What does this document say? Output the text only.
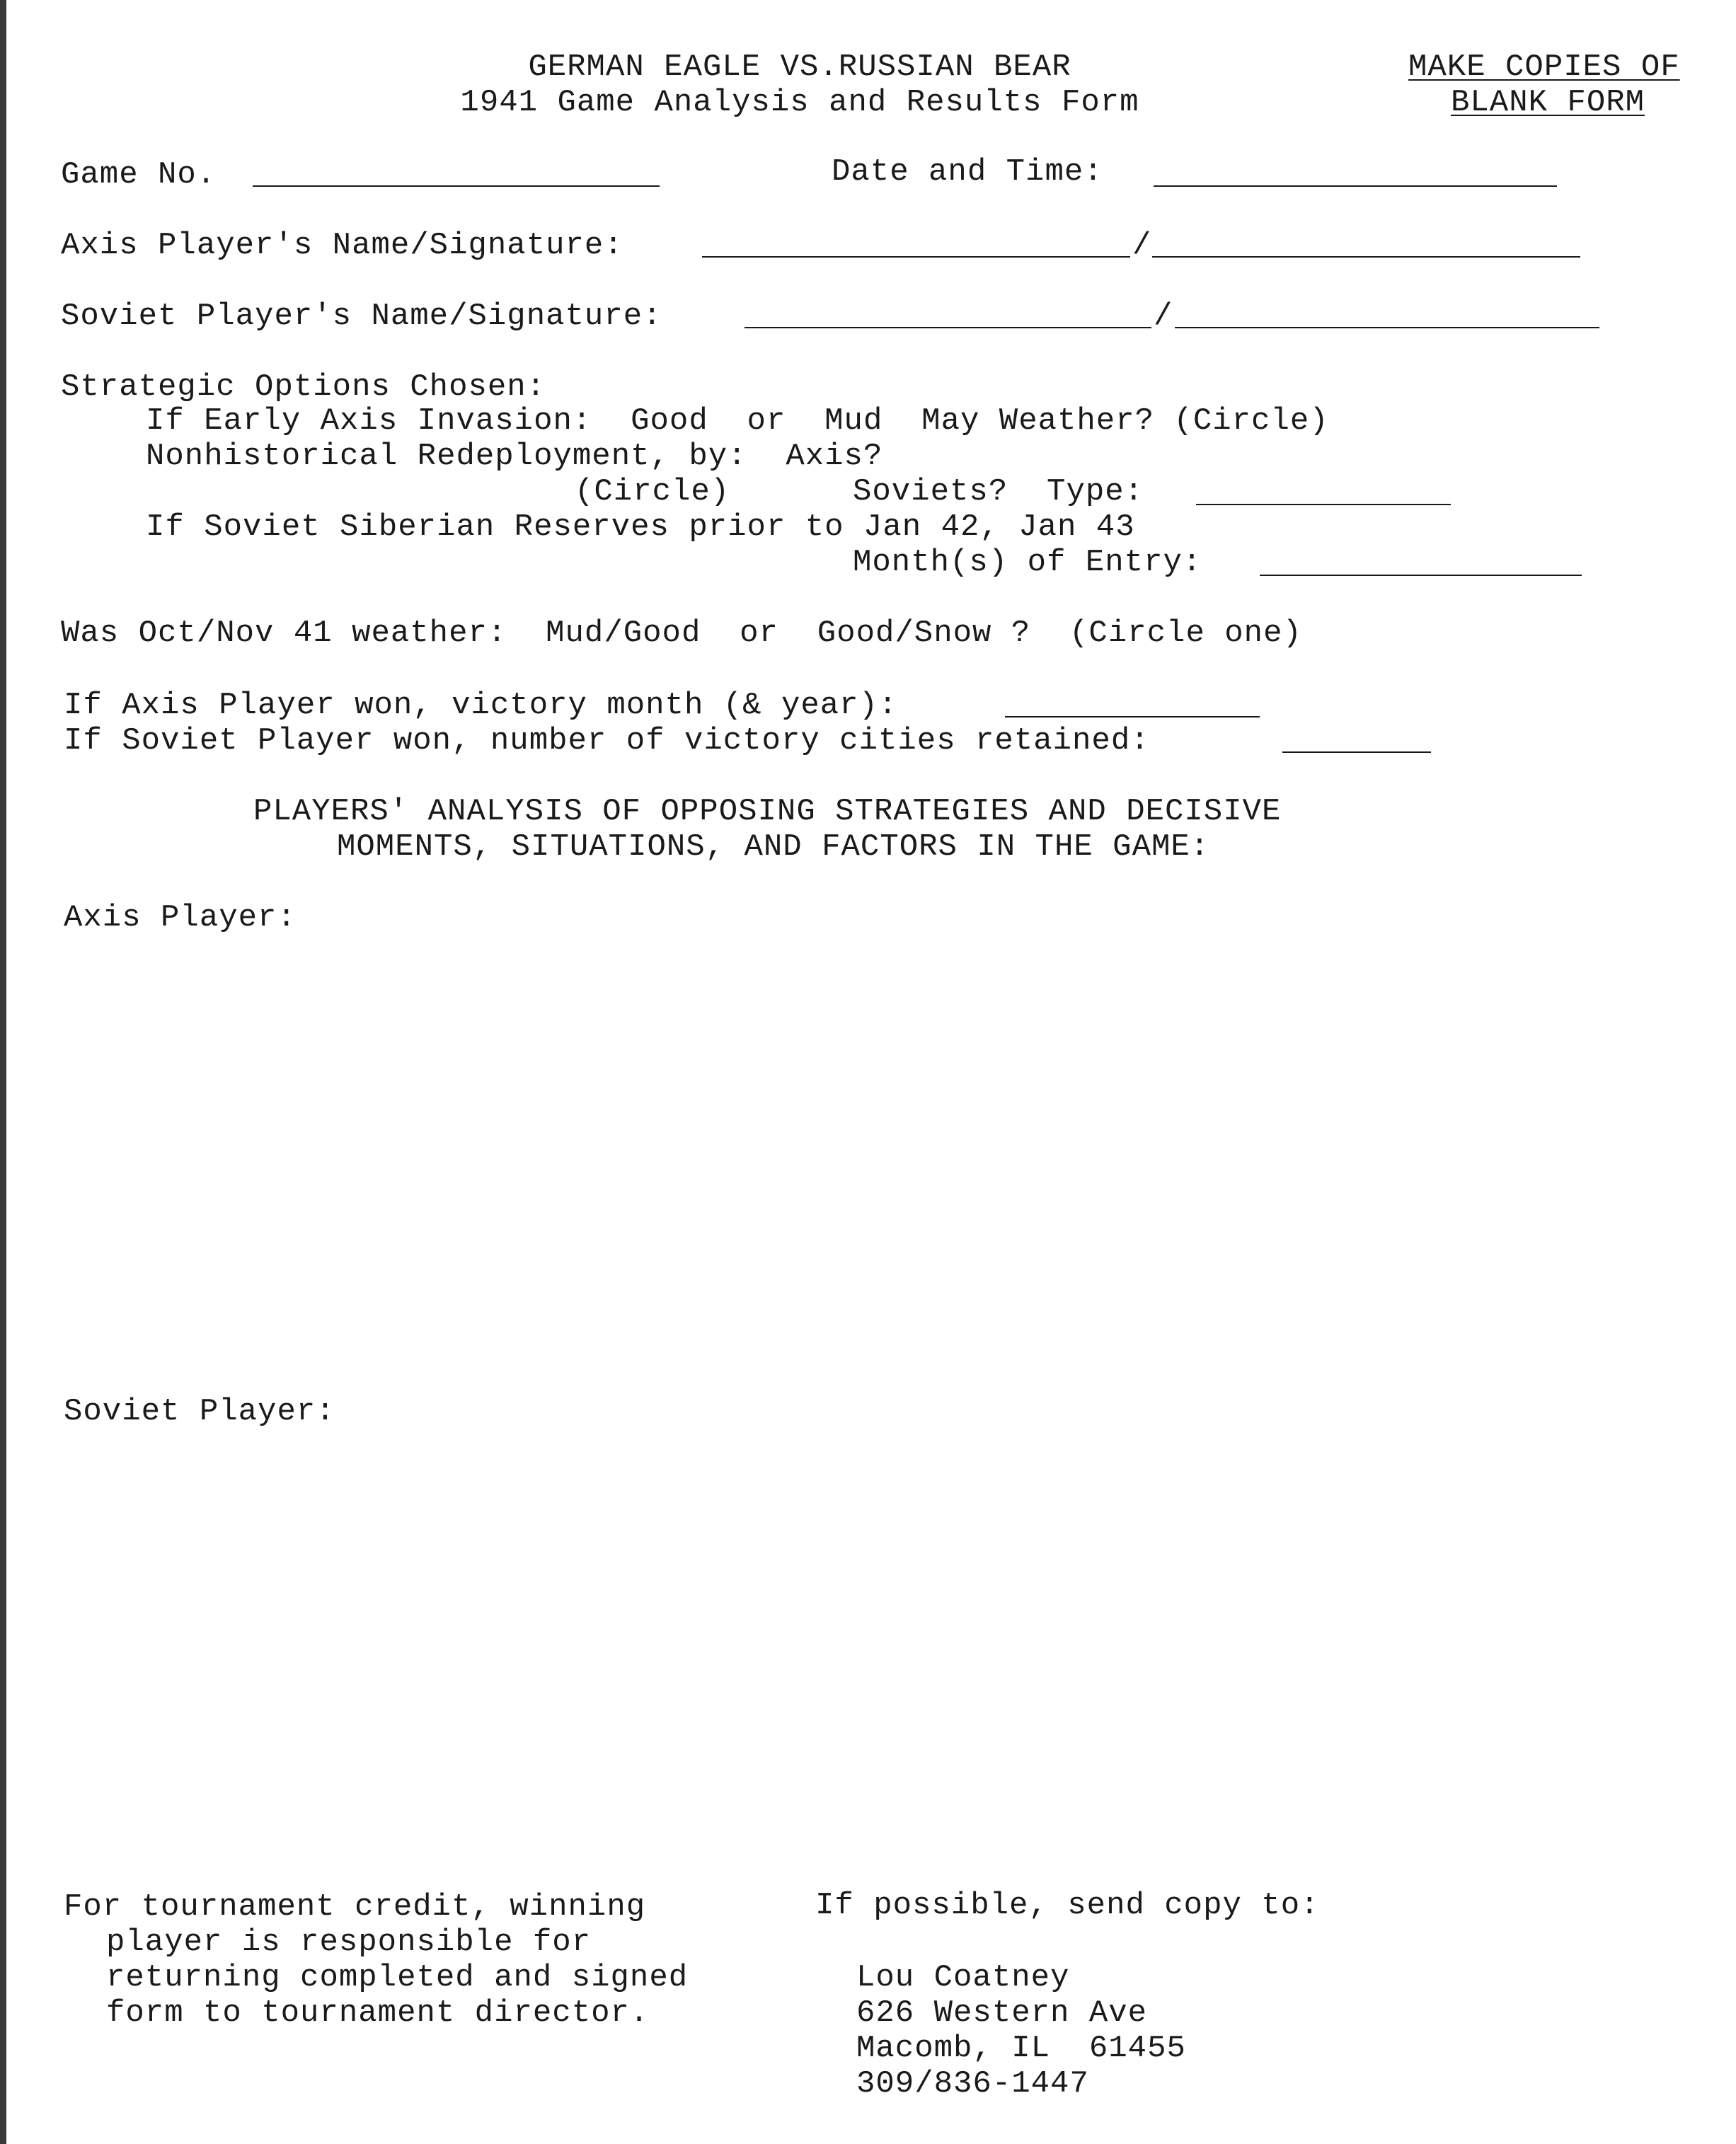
GERMAN EAGLE VS.RUSSIAN BEAR
1941 Game Analysis and Results Form
MAKE COPIES OF
BLANK FORM
Game No.	Date and Time:
Axis Player's Name/Signature:	/
Soviet Player's Name/Signature:	/
Strategic Options Chosen:
If Early Axis Invasion:  Good  or  Mud  May Weather? (Circle)
Nonhistorical Redeployment, by:  Axis?
(Circle)	Soviets?  Type:
If Soviet Siberian Reserves prior to Jan 42, Jan 43
Month(s) of Entry:
Was Oct/Nov 41 weather:  Mud/Good  or  Good/Snow ?  (Circle one)
If Axis Player won, victory month (& year):
If Soviet Player won, number of victory cities retained:
PLAYERS' ANALYSIS OF OPPOSING STRATEGIES AND DECISIVE
MOMENTS, SITUATIONS, AND FACTORS IN THE GAME:
Axis Player:
Soviet Player:
For tournament credit, winning
player is responsible for
returning completed and signed
form to tournament director.
If possible, send copy to:
Lou Coatney
626 Western Ave
Macomb, IL  61455
309/836-1447
